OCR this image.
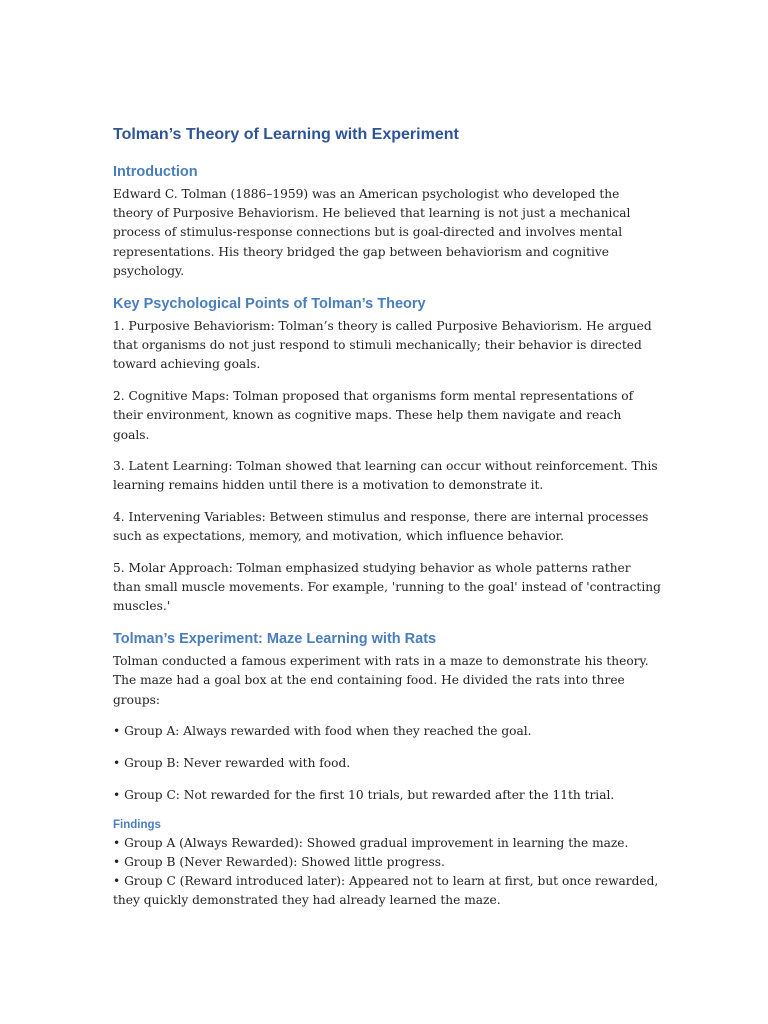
Tolman’s Theory of Learning with Experiment
Introduction

Edward C. Tolman (1886–1959) was an American psychologist who developed the theory of Purposive Behaviorism. He believed that learning is not just a mechanical process of stimulus-response connections but is goal-directed and involves mental representations. His theory bridged the gap between behaviorism and cognitive psychology.

Key Psychological Points of Tolman’s Theory

1. Purposive Behaviorism: Tolman’s theory is called Purposive Behaviorism. He argued that organisms do not just respond to stimuli mechanically; their behavior is directed toward achieving goals.

2. Cognitive Maps: Tolman proposed that organisms form mental representations of their environment, known as cognitive maps. These help them navigate and reach goals.

3. Latent Learning: Tolman showed that learning can occur without reinforcement. This learning remains hidden until there is a motivation to demonstrate it.

4. Intervening Variables: Between stimulus and response, there are internal processes such as expectations, memory, and motivation, which influence behavior.

5. Molar Approach: Tolman emphasized studying behavior as whole patterns rather than small muscle movements. For example, 'running to the goal' instead of 'contracting muscles.'

Tolman’s Experiment: Maze Learning with Rats

Tolman conducted a famous experiment with rats in a maze to demonstrate his theory. The maze had a goal box at the end containing food. He divided the rats into three groups:

• Group A: Always rewarded with food when they reached the goal.

• Group B: Never rewarded with food.

• Group C: Not rewarded for the first 10 trials, but rewarded after the 11th trial.

Findings

• Group A (Always Rewarded): Showed gradual improvement in learning the maze.

• Group B (Never Rewarded): Showed little progress.

• Group C (Reward introduced later): Appeared not to learn at first, but once rewarded, they quickly demonstrated they had already learned the maze.
